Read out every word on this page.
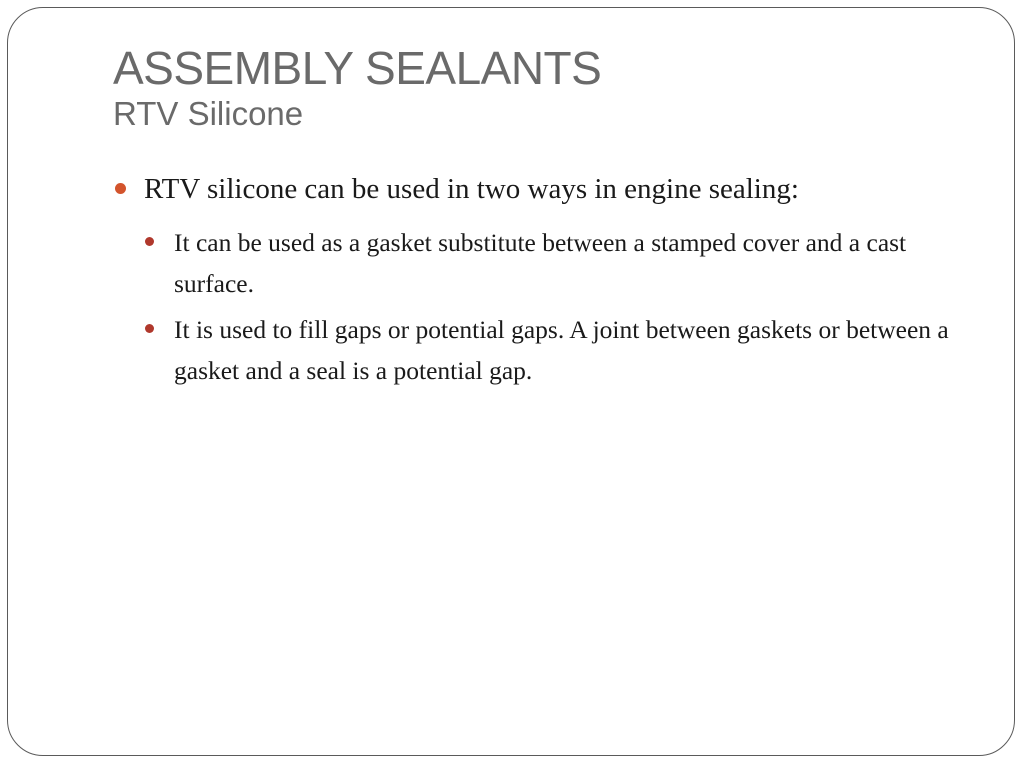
ASSEMBLY SEALANTS
RTV Silicone

RTV silicone can be used in two ways in engine sealing:

It can be used as a gasket substitute between a stamped cover and a cast surface.

It is used to fill gaps or potential gaps. A joint between gaskets or between a gasket and a seal is a potential gap.
